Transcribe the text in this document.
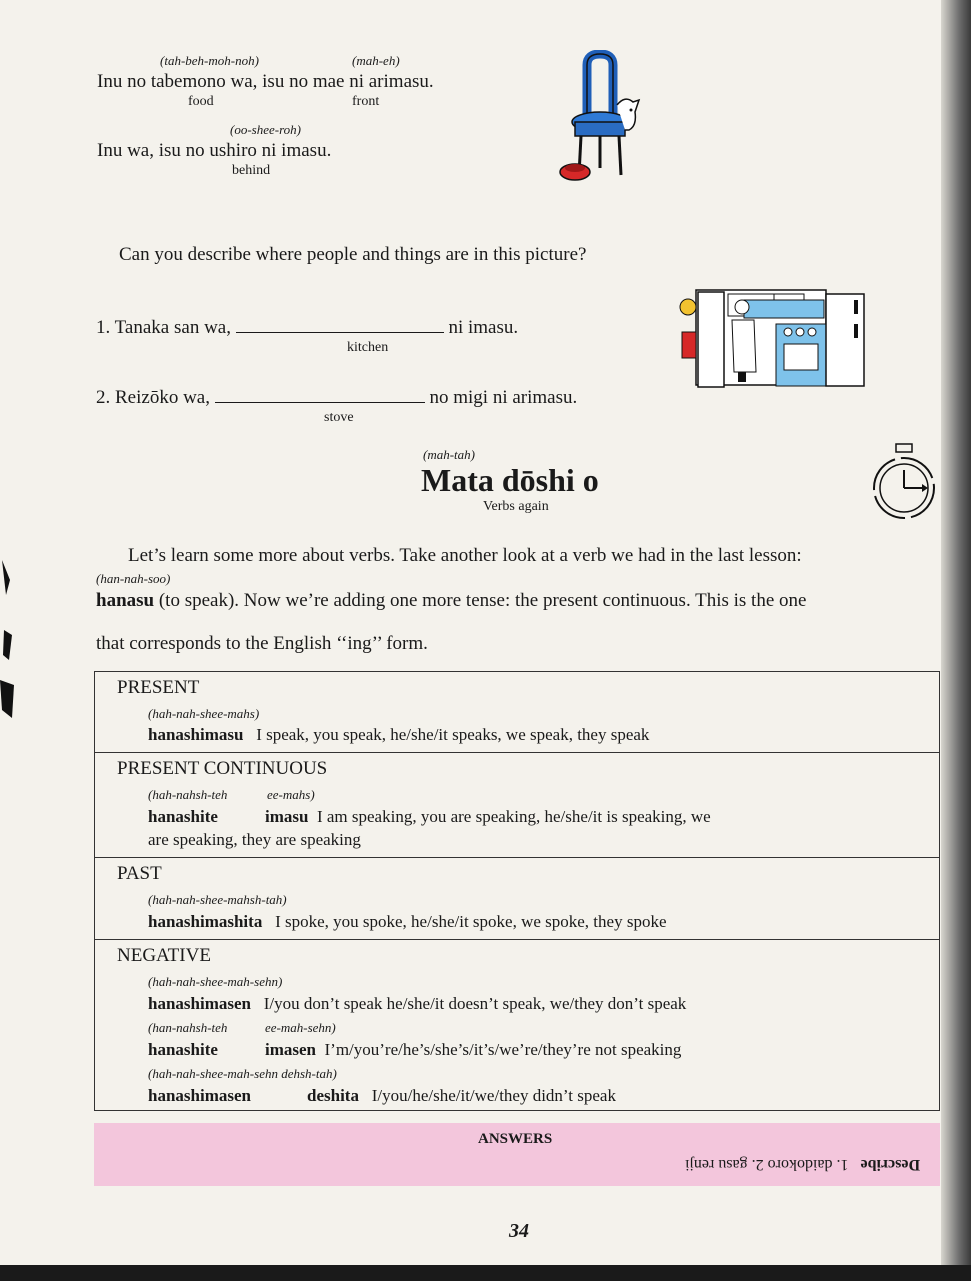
(tah-beh-moh-noh)	(mah-eh)
Inu no tabemono wa, isu no mae ni arimasu.
food	front
(oo-shee-roh)
Inu wa, isu no ushiro ni imasu.
behind
Can you describe where people and things are in this picture?
1. Tanaka san wa,	ni imasu.
kitchen
2. Reizōko wa,	no migi ni arimasu.
stove
(mah-tah)
Mata dōshi o
Verbs again
Let’s learn some more about verbs. Take another look at a verb we had in the last lesson:
(han-nah-soo)
hanasu (to speak). Now we’re adding one more tense: the present continuous. This is the one
that corresponds to the English ‘‘ing’’ form.
PRESENT
(hah-nah-shee-mahs)
hanashimasu I speak, you speak, he/she/it speaks, we speak, they speak
PRESENT CONTINUOUS
(hah-nahsh-teh	ee-mahs)
hanashite	imasu I am speaking, you are speaking, he/she/it is speaking, we
are speaking, they are speaking
PAST
(hah-nah-shee-mahsh-tah)
hanashimashita I spoke, you spoke, he/she/it spoke, we spoke, they spoke
NEGATIVE
(hah-nah-shee-mah-sehn)
hanashimasen I/you don’t speak he/she/it doesn’t speak, we/they don’t speak
(han-nahsh-teh	ee-mah-sehn)
hanashite	imasen I’m/you’re/he’s/she’s/it’s/we’re/they’re not speaking
(hah-nah-shee-mah-sehn dehsh-tah)
hanashimasen	deshita I/you/he/she/it/we/they didn’t speak
ANSWERS
Describe   1. daidokoro 2. gasu renji
34
